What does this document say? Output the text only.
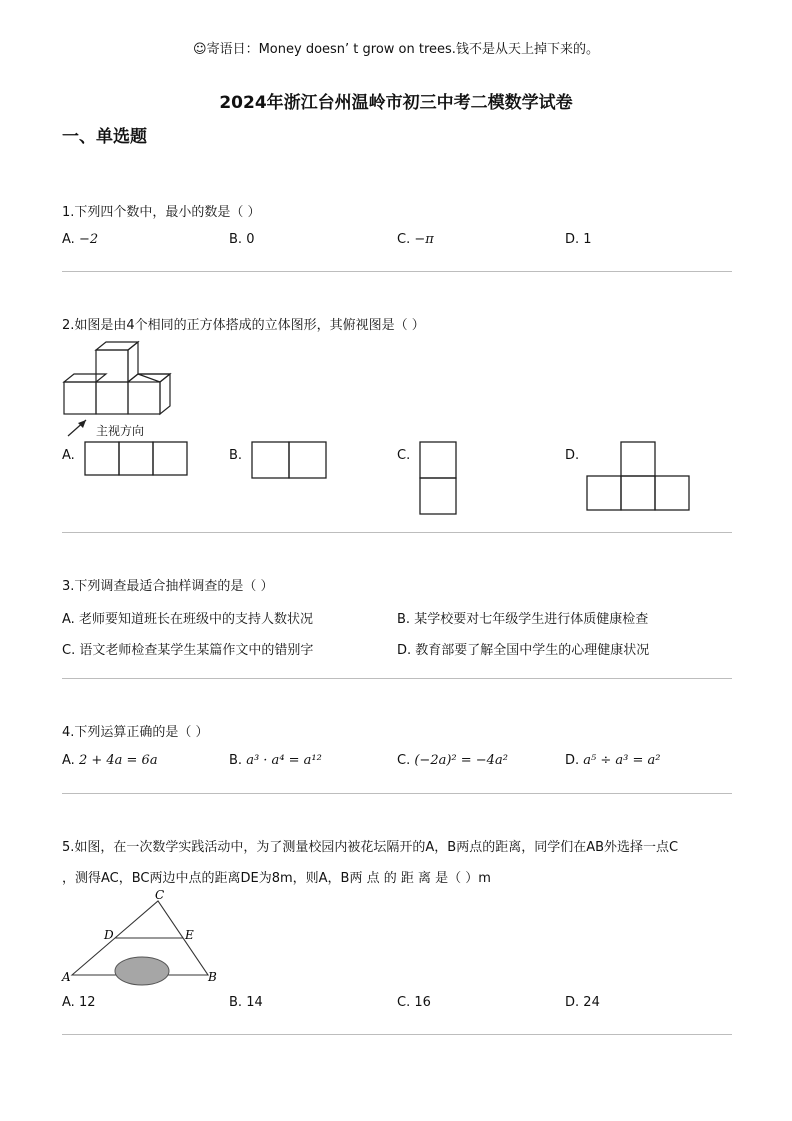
☺寄语日：Money doesn’ t grow on trees.钱不是从天上掉下来的。
2024年浙江台州温岭市初三中考二模数学试卷
一、单选题
1.下列四个数中，最小的数是（ ）
A. −2	B. 0	C. −π	D. 1
2.如图是由4个相同的正方体搭成的立体图形，其俯视图是（ ）
主视方向
A.	B.	C.	D.
3.下列调查最适合抽样调查的是（ ）
A. 老师要知道班长在班级中的支持人数状况	B. 某学校要对七年级学生进行体质健康检查
C. 语文老师检查某学生某篇作文中的错别字	D. 教育部要了解全国中学生的心理健康状况
4.下列运算正确的是（ ）
A. 2 + 4a = 6a	B. a³ · a⁴ = a¹²	C. (−2a)² = −4a²	D. a⁵ ÷ a³ = a²
5.如图，在一次数学实践活动中，为了测量校园内被花坛隔开的A，B两点的距离，同学们在AB外选择一点C
，测得AC，BC两边中点的距离DE为8m，则A，B两 点 的 距 离 是（ ）m
C
D	E
A	B
A. 12	B. 14	C. 16	D. 24
